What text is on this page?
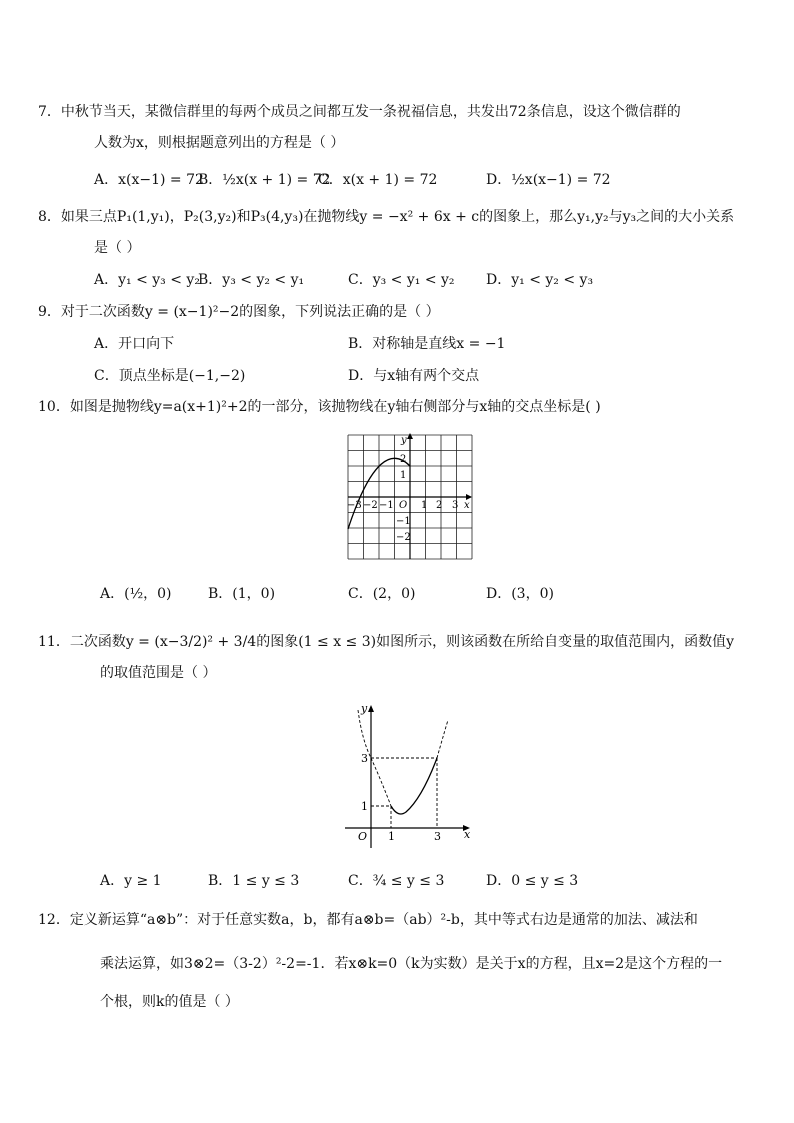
7．中秋节当天，某微信群里的每两个成员之间都互发一条祝福信息，共发出72条信息，设这个微信群的
人数为x，则根据题意列出的方程是（ ）
A．x(x−1) = 72
B．½x(x + 1) = 72
C．x(x + 1) = 72	D．½x(x−1) = 72
8．如果三点P₁(1,y₁)，P₂(3,y₂)和P₃(4,y₃)在抛物线y = −x² + 6x + c的图象上，那么y₁,y₂与y₃之间的大小关系
是（ ）
A．y₁ < y₃ < y₂
B．y₃ < y₂ < y₁	C．y₃ < y₁ < y₂ D．y₁ < y₂ < y₃
9．对于二次函数y = (x−1)²−2的图象，下列说法正确的是（ ）
A．开口向下	B．对称轴是直线x = −1
C．顶点坐标是(−1,−2)	D．与x轴有两个交点
10．如图是抛物线y=a(x+1)²+2的一部分，该抛物线在y轴右侧部分与x轴的交点坐标是( )
y
x
O
−3 −2 −1	1 2 3
2
1
−1
−2
A．(½，0)	B．(1，0)	C．(2，0)	D．(3，0)
11．二次函数y = (x−3/2)² + 3/4的图象(1 ≤ x ≤ 3)如图所示，则该函数在所给自变量的取值范围内，函数值y
的取值范围是（ ）
y
x
O 1	3
3
1
A．y ≥ 1	B．1 ≤ y ≤ 3	C．¾ ≤ y ≤ 3	D．0 ≤ y ≤ 3
12．定义新运算“a⊗b”：对于任意实数a，b，都有a⊗b=（ab）²-b，其中等式右边是通常的加法、减法和
乘法运算，如3⊗2=（3-2）²-2=-1．若x⊗k=0（k为实数）是关于x的方程，且x=2是这个方程的一
个根，则k的值是（ ）
